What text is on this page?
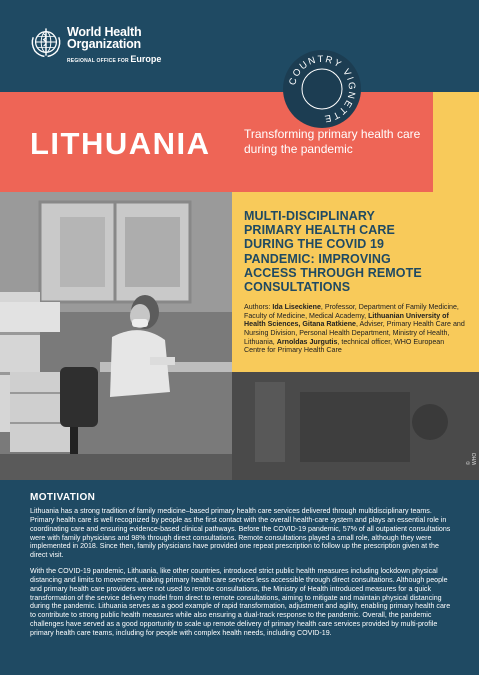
World Health
Organization
REGIONAL OFFICE FOR Europe
COUNTRY VIGNETTE
LITHUANIA	Transforming primary health care during the pandemic
MULTI-DISCIPLINARY
PRIMARY HEALTH CARE
DURING THE COVID 19
PANDEMIC: IMPROVING
ACCESS THROUGH REMOTE
CONSULTATIONS
Authors: Ida Liseckiene, Professor, Department of Family Medicine, Faculty of Medicine, Medical Academy, Lithuanian University of Health Sciences, Gitana Ratkiene, Adviser, Primary Health Care and Nursing Division, Personal Health Department, Ministry of Health, Lithuania, Arnoldas Jurgutis, technical officer, WHO European Centre for Primary Health Care
© WHO
MOTIVATION

Lithuania has a strong tradition of family medicine–based primary health care services delivered through multidisciplinary teams. Primary health care is well recognized by people as the first contact with the overall health-care system and plays an essential role in coordinating care and ensuring evidence-based clinical pathways. Before the COVID-19 pandemic, 57% of all outpatient consultations were with family physicians and 98% through direct consultations. Remote consultations played a small role, although they were implemented in 2018. Since then, family physicians have provided one repeat prescription to follow up the prescription given at the direct visit.

With the COVID-19 pandemic, Lithuania, like other countries, introduced strict public health measures including lockdown physical distancing and limits to movement, making primary health care services less accessible through direct consultations. Although people and primary health care providers were not used to remote consultations, the Ministry of Health introduced measures for a quick transformation of the service delivery model from direct to remote consultations, aiming to mitigate and maintain physical distancing during the pandemic. Lithuania serves as a good example of rapid transformation, adjustment and agility, enabling primary health care to contribute to strong public health measures while also ensuring a dual-track response to the pandemic. Overall, the pandemic challenges have served as a good opportunity to scale up remote delivery of primary health care services provided by multi-profile primary health care teams, including for people with complex health needs, including COVID-19.
